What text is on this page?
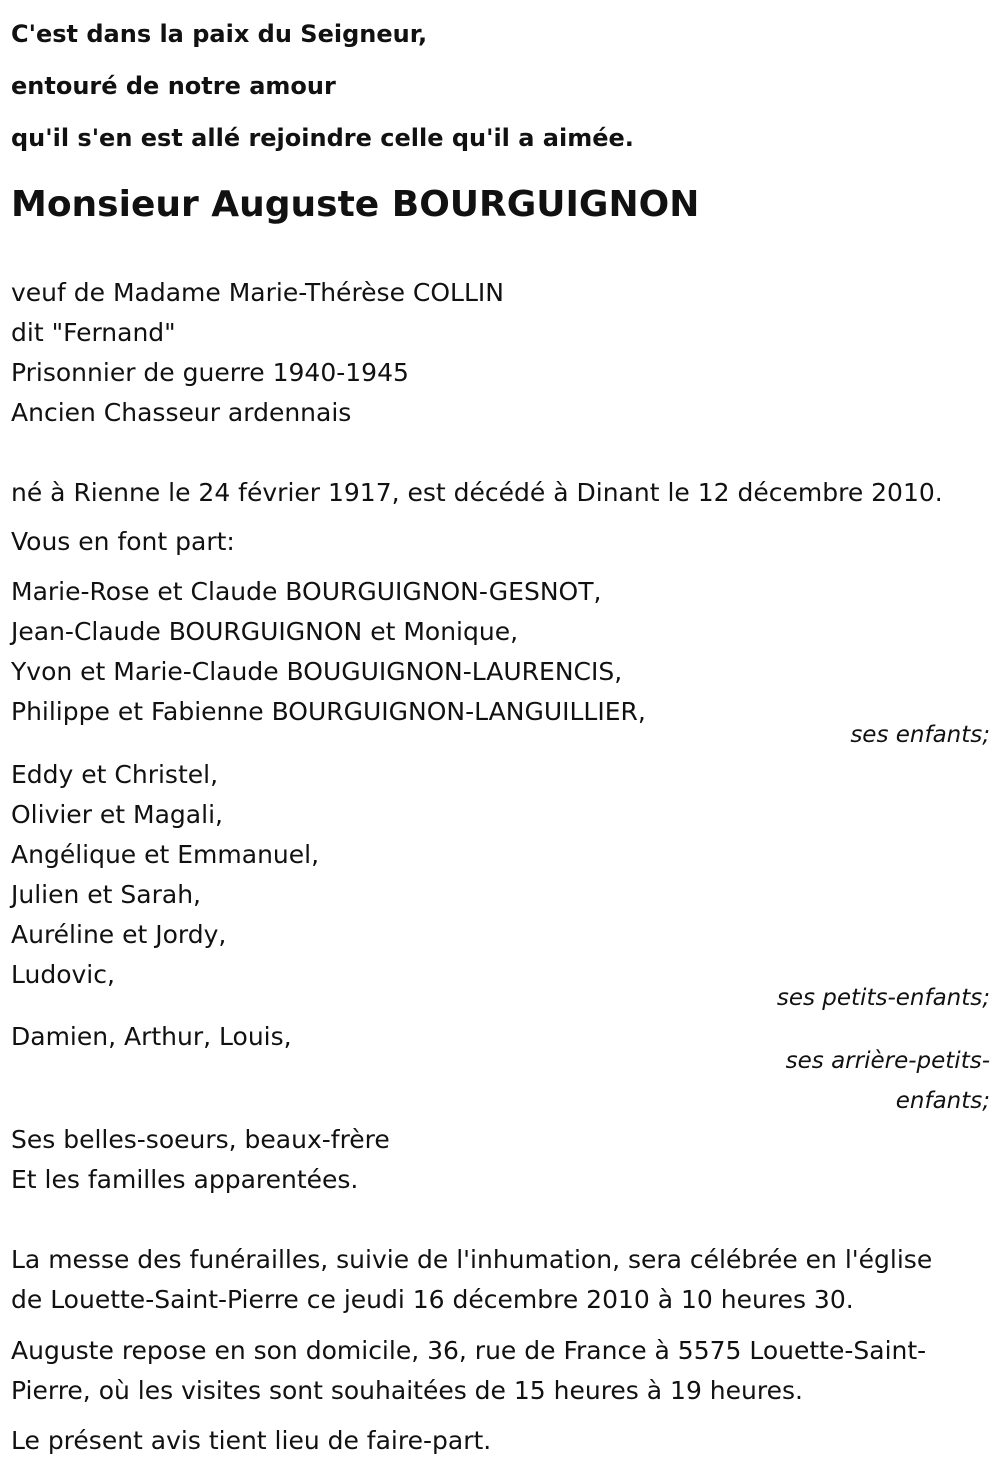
C'est dans la paix du Seigneur,
entouré de notre amour
qu'il s'en est allé rejoindre celle qu'il a aimée.
Monsieur Auguste BOURGUIGNON
veuf de Madame Marie-Thérèse COLLIN
dit "Fernand"
Prisonnier de guerre 1940-1945
Ancien Chasseur ardennais
né à Rienne le 24 février 1917, est décédé à Dinant le 12 décembre 2010.
Vous en font part:
Marie-Rose et Claude BOURGUIGNON-GESNOT,
Jean-Claude BOURGUIGNON et Monique,
Yvon et Marie-Claude BOUGUIGNON-LAURENCIS,
Philippe et Fabienne BOURGUIGNON-LANGUILLIER,
ses enfants;
Eddy et Christel,
Olivier et Magali,
Angélique et Emmanuel,
Julien et Sarah,
Auréline et Jordy,
Ludovic,
ses petits-enfants;
Damien, Arthur, Louis,
ses arrière-petits-
enfants;
Ses belles-soeurs, beaux-frère
Et les familles apparentées.
La messe des funérailles, suivie de l'inhumation, sera célébrée en l'église
de Louette-Saint-Pierre ce jeudi 16 décembre 2010 à 10 heures 30.
Auguste repose en son domicile, 36, rue de France à 5575 Louette-Saint-
Pierre, où les visites sont souhaitées de 15 heures à 19 heures.
Le présent avis tient lieu de faire-part.
